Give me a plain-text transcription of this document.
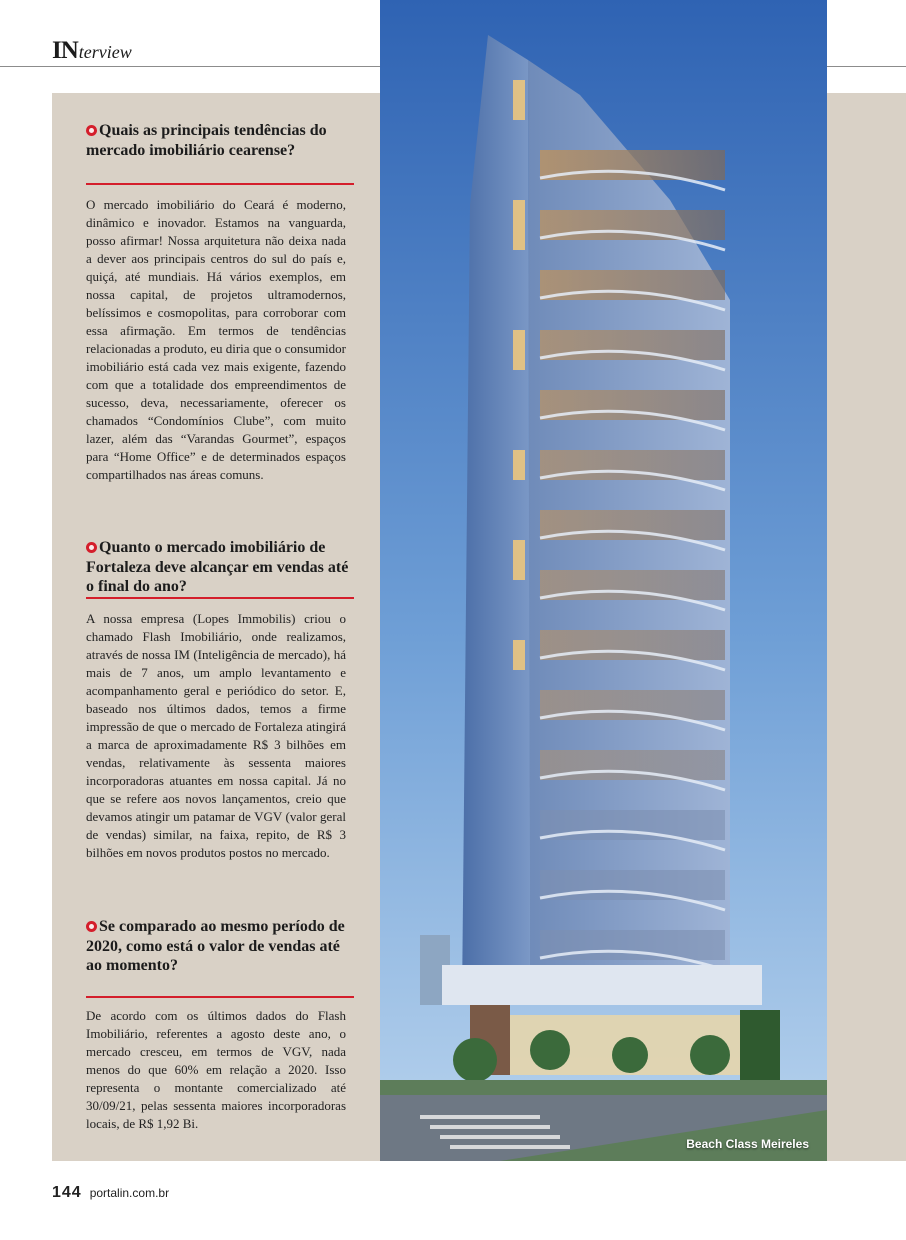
INterview
Quais as principais tendências do mercado imobiliário cearense?
O mercado imobiliário do Ceará é moderno, dinâmico e inovador. Estamos na vanguarda, posso afirmar! Nossa arquitetura não deixa nada a dever aos principais centros do sul do país e, quiçá, até mundiais. Há vários exemplos, em nossa capital, de projetos ultramodernos, belíssimos e cosmopolitas, para corroborar com essa afirmação. Em termos de tendências relacionadas a produto, eu diria que o consumidor imobiliário está cada vez mais exigente, fazendo com que a totalidade dos empreendimentos de sucesso, deva, necessariamente, oferecer os chamados “Condomínios Clube”, com muito lazer, além das “Varandas Gourmet”, espaços para “Home Office” e de determinados espaços compartilhados nas áreas comuns.
Quanto o mercado imobiliário de Fortaleza deve alcançar em vendas até o final do ano?
A nossa empresa (Lopes Immobilis) criou o chamado Flash Imobiliário, onde realizamos, através de nossa IM (Inteligência de mercado), há mais de 7 anos, um amplo levantamento e acompanhamento geral e periódico do setor. E, baseado nos últimos dados, temos a firme impressão de que o mercado de Fortaleza atingirá a marca de aproximadamente R$ 3 bilhões em vendas, relativamente às sessenta maiores incorporadoras atuantes em nossa capital. Já no que se refere aos novos lançamentos, creio que devamos atingir um patamar de VGV (valor geral de vendas) similar, na faixa, repito, de R$ 3 bilhões em novos produtos postos no mercado.
Se comparado ao mesmo período de 2020, como está o valor de vendas até ao momento?
De acordo com os últimos dados do Flash Imobiliário, referentes a agosto deste ano, o mercado cresceu, em termos de VGV, nada menos do que 60% em relação a 2020. Isso representa o montante comercializado até 30/09/21, pelas sessenta maiores incorporadoras locais, de R$ 1,92 Bi.
Beach Class Meireles
144 portalin.com.br
